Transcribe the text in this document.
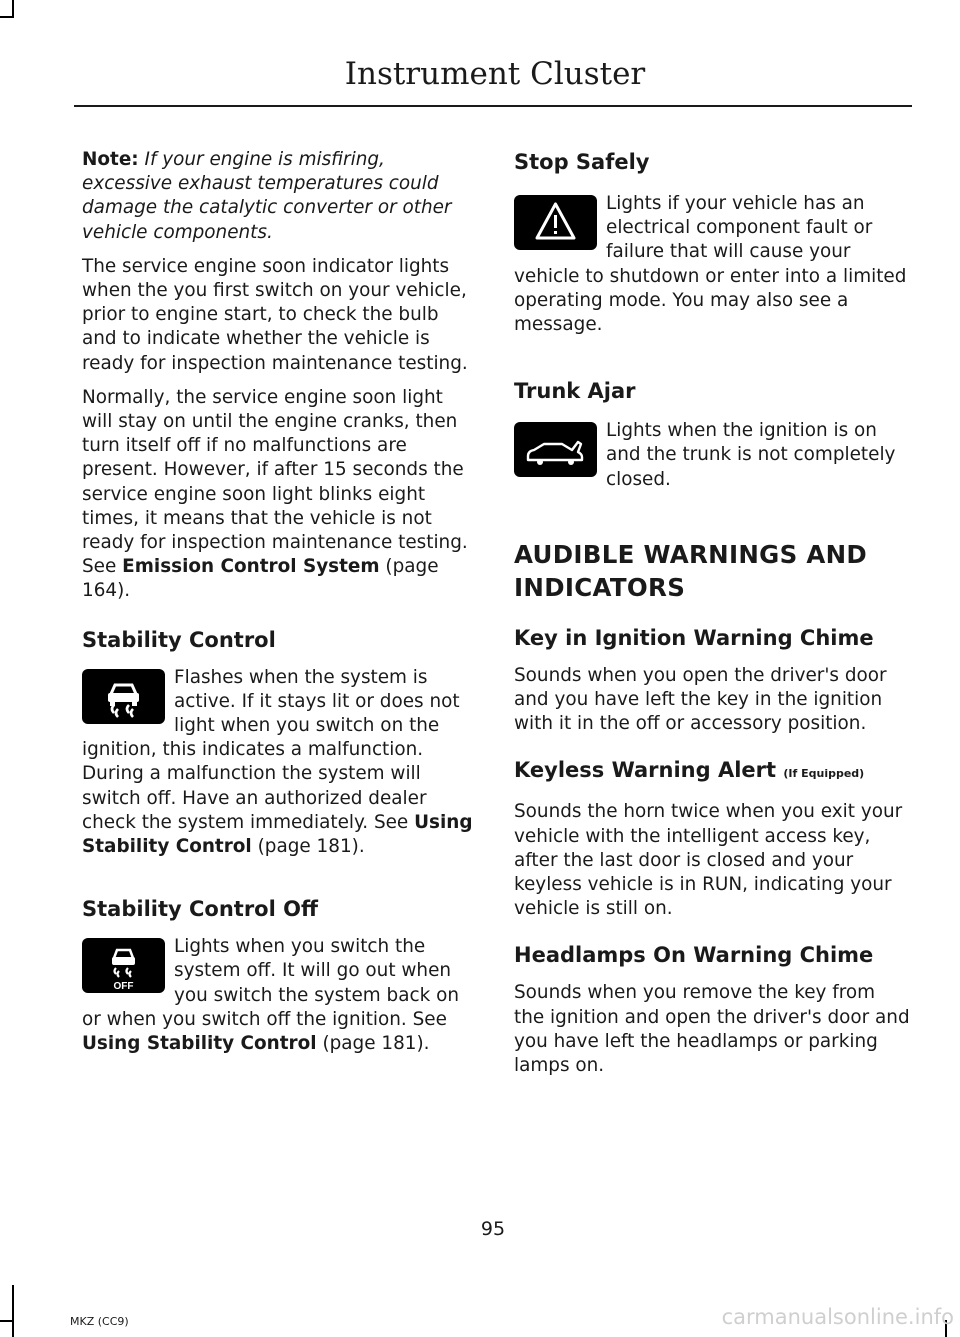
Instrument Cluster

Note: If your engine is misfiring, excessive exhaust temperatures could damage the catalytic converter or other vehicle components.

The service engine soon indicator lights when the you first switch on your vehicle, prior to engine start, to check the bulb and to indicate whether the vehicle is ready for inspection maintenance testing.

Normally, the service engine soon light will stay on until the engine cranks, then turn itself off if no malfunctions are present. However, if after 15 seconds the service engine soon light blinks eight times, it means that the vehicle is not ready for inspection maintenance testing. See Emission Control System (page 164).

Stability Control

Flashes when the system is active. If it stays lit or does not light when you switch on the ignition, this indicates a malfunction. During a malfunction the system will switch off. Have an authorized dealer check the system immediately. See Using Stability Control (page 181).

Stability Control Off
OFF

Lights when you switch the system off. It will go out when you switch the system back on or when you switch off the ignition. See Using Stability Control (page 181).

Stop Safely

Lights if your vehicle has an electrical component fault or failure that will cause your vehicle to shutdown or enter into a limited operating mode. You may also see a message.

Trunk Ajar

Lights when the ignition is on and the trunk is not completely closed.

AUDIBLE WARNINGS AND
INDICATORS
Key in Ignition Warning Chime

Sounds when you open the driver's door and you have left the key in the ignition with it in the off or accessory position.

Keyless Warning Alert (If Equipped)

Sounds the horn twice when you exit your vehicle with the intelligent access key, after the last door is closed and your keyless vehicle is in RUN, indicating your vehicle is still on.

Headlamps On Warning Chime

Sounds when you remove the key from the ignition and open the driver's door and you have left the headlamps or parking lamps on.

95
MKZ (CC9)	carmanualsonline.info
